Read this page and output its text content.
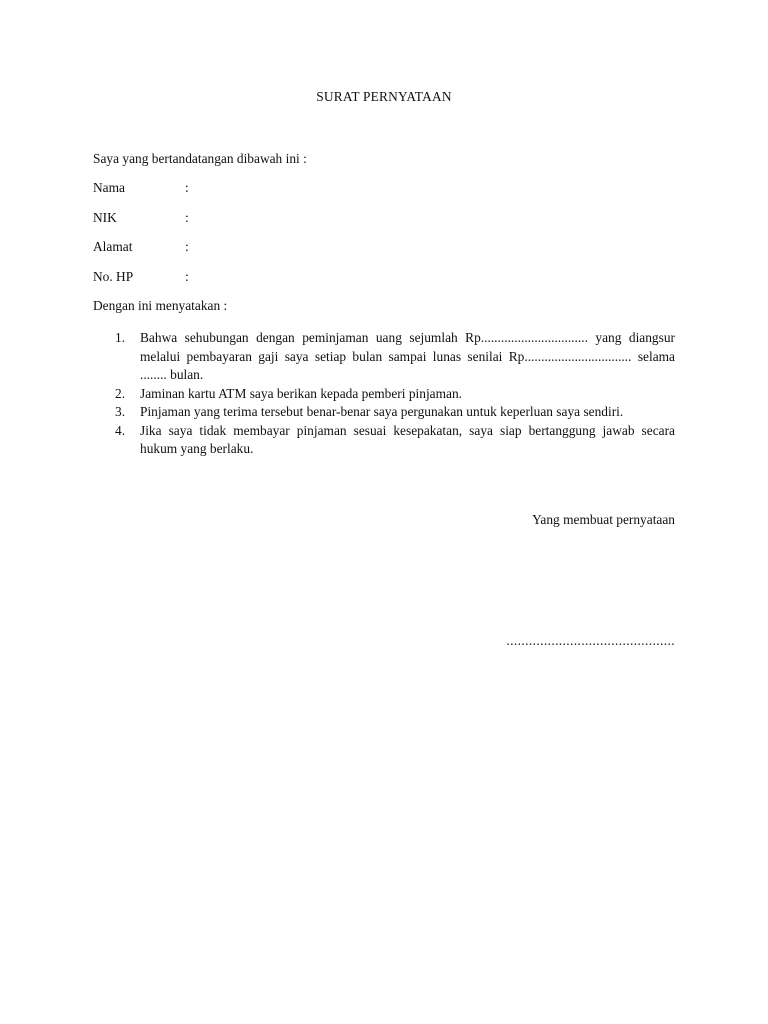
SURAT PERNYATAAN
Saya yang bertandatangan dibawah ini :
Nama	:
NIK	:
Alamat	:
No. HP	:
Dengan ini menyatakan :
1. Bahwa sehubungan dengan peminjaman uang sejumlah Rp................................ yang diangsur melalui pembayaran gaji saya setiap bulan sampai lunas senilai Rp................................ selama ........ bulan.
2. Jaminan kartu ATM saya berikan kepada pemberi pinjaman.
3. Pinjaman yang terima tersebut benar-benar saya pergunakan untuk keperluan saya sendiri.
4. Jika saya tidak membayar pinjaman sesuai kesepakatan, saya siap bertanggung jawab secara hukum yang berlaku.
Yang membuat pernyataan
.............................................
